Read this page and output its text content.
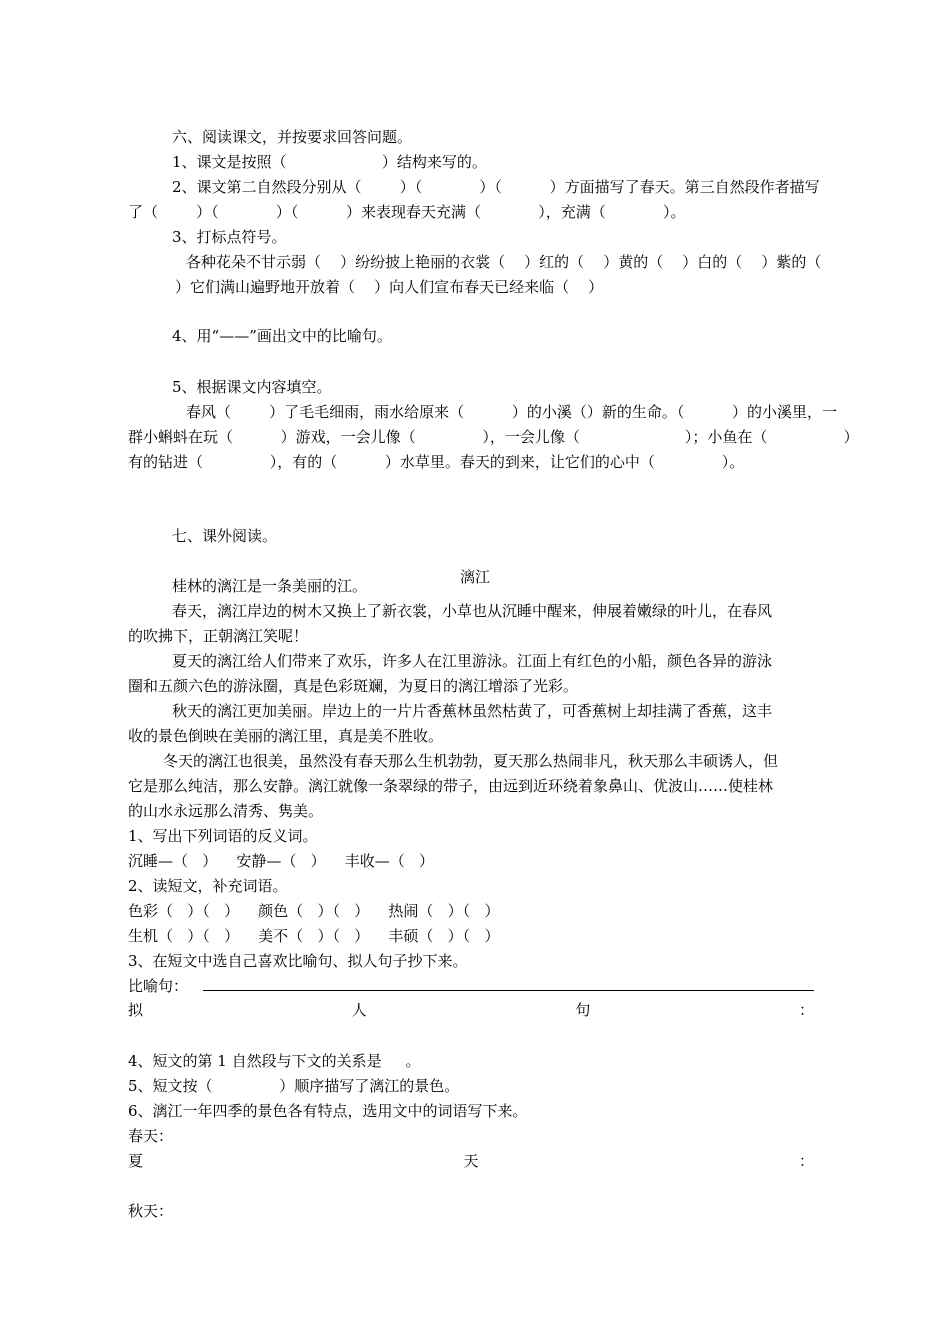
六、阅读课文，并按要求回答问题。

1、课文是按照（                    ）结构来写的。

2、课文第二自然段分别从（        ）（            ）（          ）方面描写了春天。第三自然段作者描写

了（        ）（            ）（          ）来表现春天充满（            ），充满（            ）。

3、打标点符号。

各种花朵不甘示弱（    ）纷纷披上艳丽的衣裳（    ）红的（    ）黄的（    ）白的（    ）紫的（

）它们满山遍野地开放着（    ）向人们宣布春天已经来临（    ）

4、用“——”画出文中的比喻句。

5、根据课文内容填空。

春风（        ）了毛毛细雨，雨水给原来（          ）的小溪（）新的生命。（          ）的小溪里，一

群小蝌蚪在玩（          ）游戏，一会儿像（              ），一会儿像（                      ）；小鱼在（                ）

有的钻进（              ），有的（          ）水草里。春天的到来，让它们的心中（              ）。

七、课外阅读。

漓江

桂林的漓江是一条美丽的江。

春天，漓江岸边的树木又换上了新衣裳，小草也从沉睡中醒来，伸展着嫩绿的叶儿，在春风

的吹拂下，正朝漓江笑呢！

夏天的漓江给人们带来了欢乐，许多人在江里游泳。江面上有红色的小船，颜色各异的游泳

圈和五颜六色的游泳圈，真是色彩斑斓，为夏日的漓江增添了光彩。

秋天的漓江更加美丽。岸边上的一片片香蕉林虽然枯黄了，可香蕉树上却挂满了香蕉，这丰

收的景色倒映在美丽的漓江里，真是美不胜收。

冬天的漓江也很美，虽然没有春天那么生机勃勃，夏天那么热闹非凡，秋天那么丰硕诱人，但

它是那么纯洁，那么安静。漓江就像一条翠绿的带子，由远到近环绕着象鼻山、优波山……使桂林

的山水永远那么清秀、隽美。

1、写出下列词语的反义词。

沉睡—（   ）    安静—（   ）    丰收—（   ）

2、读短文，补充词语。

色彩（   ）（   ）    颜色（   ）（   ）    热闹（   ）（   ）

生机（   ）（   ）    美不（   ）（   ）    丰硕（   ）（   ）

3、在短文中选自己喜欢比喻句、拟人句子抄下来。

比喻句：

拟	人	句	：

4、短文的第 1 自然段与下文的关系是     。

5、短文按（              ）顺序描写了漓江的景色。

6、漓江一年四季的景色各有特点，选用文中的词语写下来。

春天：

夏	天	：

秋天：
